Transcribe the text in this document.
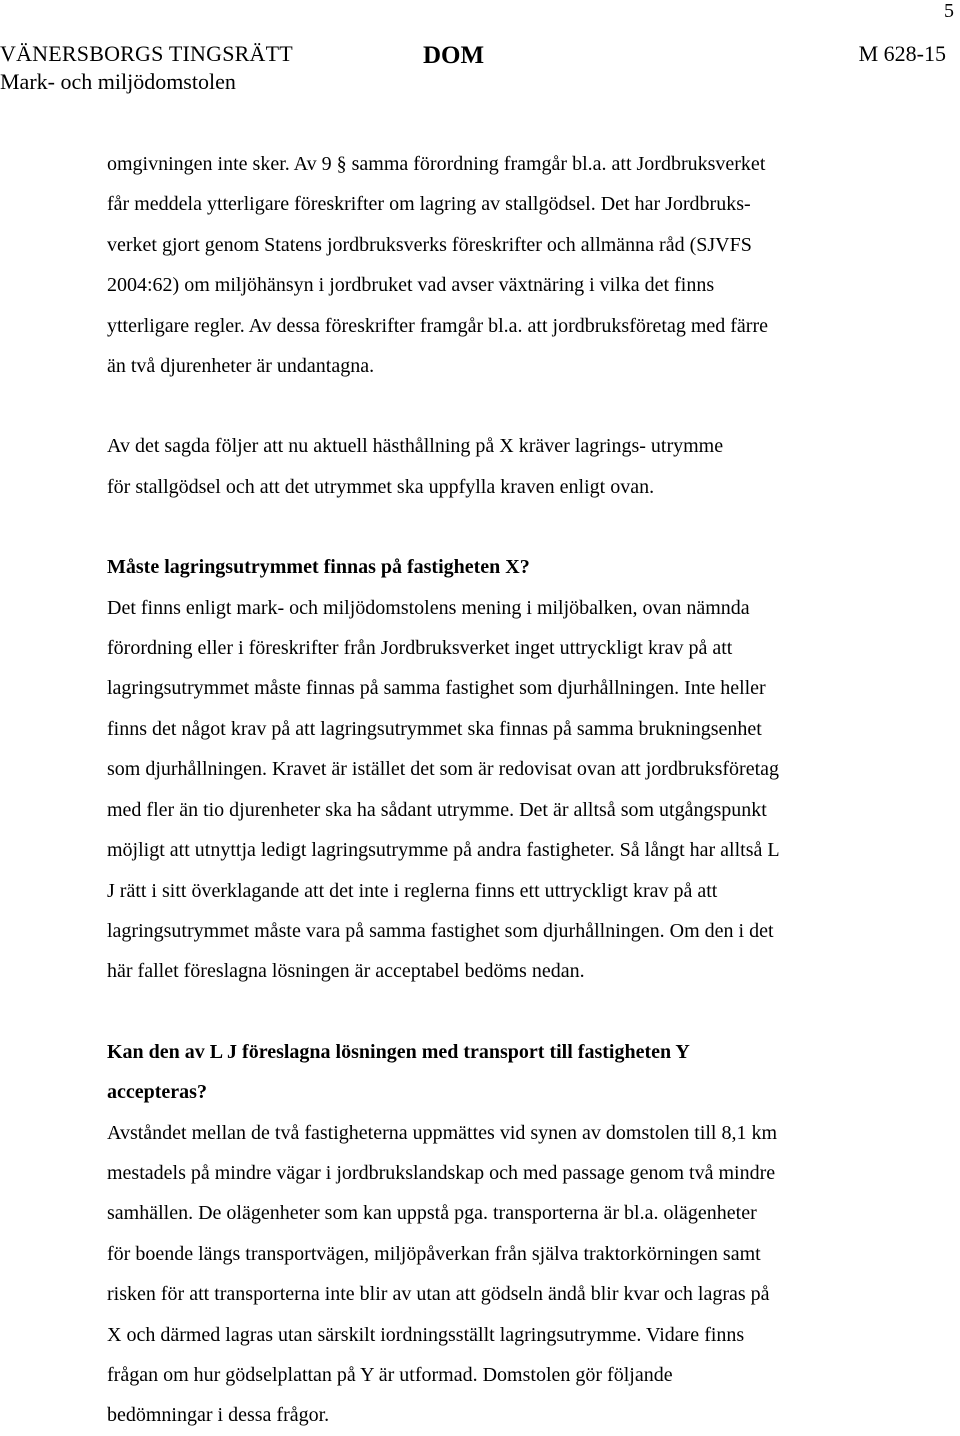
5
VÄNERSBORGS TINGSRÄTT
Mark- och miljödomstolen
DOM	M 628-15

omgivningen inte sker. Av 9 § samma förordning framgår bl.a. att Jordbruksverket
får meddela ytterligare föreskrifter om lagring av stallgödsel. Det har Jordbruks-
verket gjort genom Statens jordbruksverks föreskrifter och allmänna råd (SJVFS
2004:62) om miljöhänsyn i jordbruket vad avser växtnäring i vilka det finns
ytterligare regler. Av dessa föreskrifter framgår bl.a. att jordbruksföretag med färre
än två djurenheter är undantagna.

Av det sagda följer att nu aktuell hästhållning på X kräver lagrings- utrymme
för stallgödsel och att det utrymmet ska uppfylla kraven enligt ovan.

Måste lagringsutrymmet finnas på fastigheten X?
Det finns enligt mark- och miljödomstolens mening i miljöbalken, ovan nämnda
förordning eller i föreskrifter från Jordbruksverket inget uttryckligt krav på att
lagringsutrymmet måste finnas på samma fastighet som djurhållningen. Inte heller
finns det något krav på att lagringsutrymmet ska finnas på samma brukningsenhet
som djurhållningen. Kravet är istället det som är redovisat ovan att jordbruksföretag
med fler än tio djurenheter ska ha sådant utrymme. Det är alltså som utgångspunkt
möjligt att utnyttja ledigt lagringsutrymme på andra fastigheter. Så långt har alltså L
J rätt i sitt överklagande att det inte i reglerna finns ett uttryckligt krav på att
lagringsutrymmet måste vara på samma fastighet som djurhållningen. Om den i det
här fallet föreslagna lösningen är acceptabel bedöms nedan.

Kan den av L J föreslagna lösningen med transport till fastigheten Y
accepteras?
Avståndet mellan de två fastigheterna uppmättes vid synen av domstolen till 8,1 km
mestadels på mindre vägar i jordbrukslandskap och med passage genom två mindre
samhällen. De olägenheter som kan uppstå pga. transporterna är bl.a. olägenheter
för boende längs transportvägen, miljöpåverkan från själva traktorkörningen samt
risken för att transporterna inte blir av utan att gödseln ändå blir kvar och lagras på
X och därmed lagras utan särskilt iordningsställt lagringsutrymme. Vidare finns
frågan om hur gödselplattan på Y är utformad. Domstolen gör följande
bedömningar i dessa frågor.
